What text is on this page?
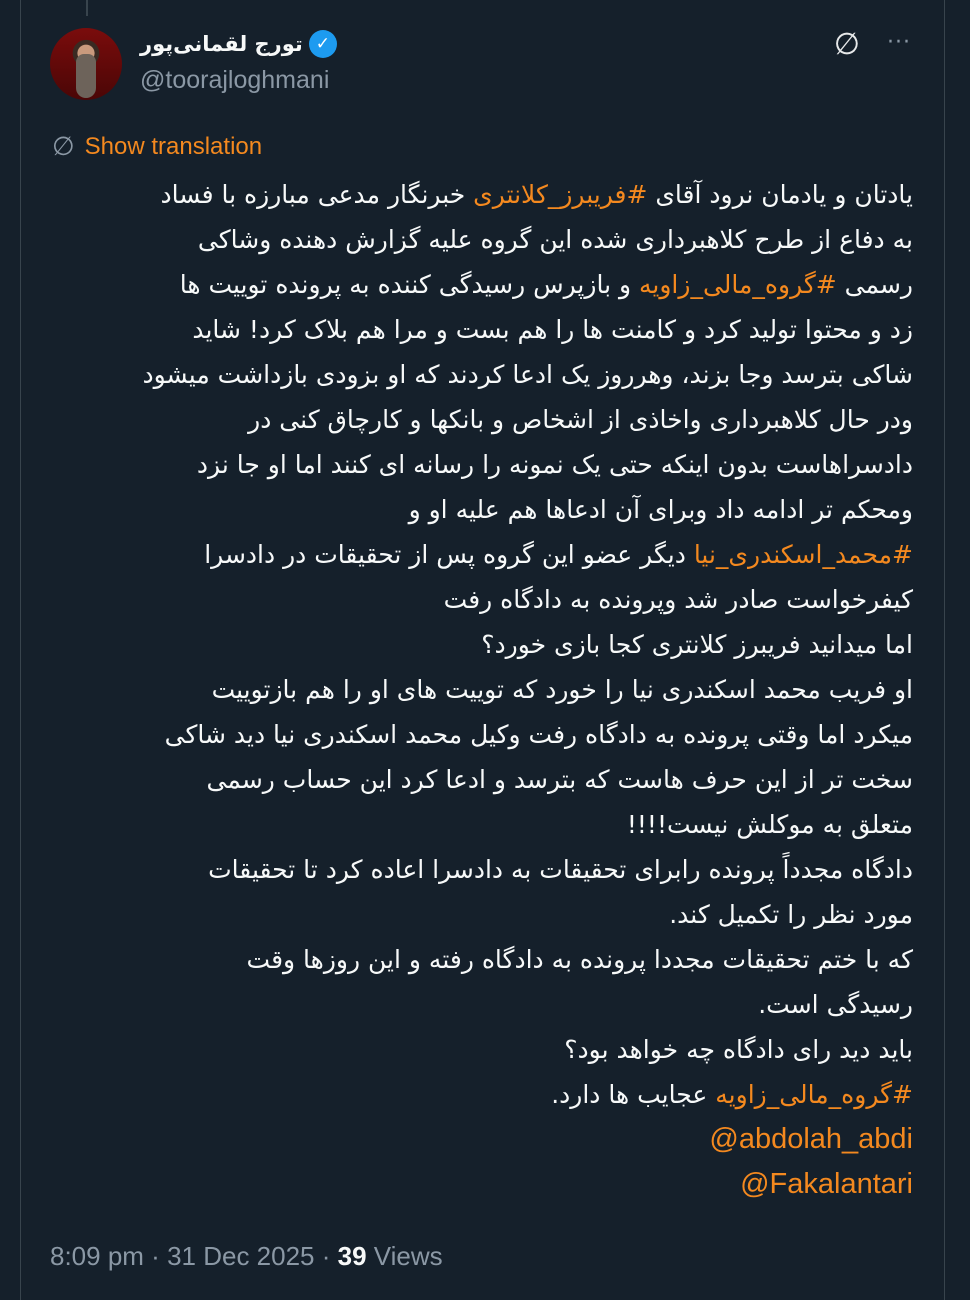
تورج لقمانی‌پور ✓
@toorajloghmani
∅ ···
∅ Show translation
یادتان و یادمان نرود آقای #فریبرز_کلانتری خبرنگار مدعی مبارزه با فساد
به دفاع از طرح کلاهبرداری شده این گروه علیه گزارش دهنده وشاکی
رسمی #گروه_مالی_زاویه و بازپرس رسیدگی کننده به پرونده توییت ها
زد و محتوا تولید کرد و کامنت ها را هم بست و مرا هم بلاک کرد! شاید
شاکی بترسد وجا بزند، وهرروز یک ادعا کردند که او بزودی بازداشت میشود
ودر حال کلاهبرداری واخاذی از اشخاص و بانکها و کارچاق کنی در
دادسراهاست بدون اینکه حتی یک نمونه را رسانه ای کنند اما او جا نزد
ومحکم تر ادامه داد وبرای آن ادعاها هم علیه او و
#محمد_اسکندری_نیا دیگر عضو این گروه پس از تحقیقات در دادسرا
کیفرخواست صادر شد وپرونده به دادگاه رفت
اما میدانید فریبرز کلانتری کجا بازی خورد؟
او فریب محمد اسکندری نیا را خورد که توییت های او را هم بازتوییت
میکرد اما وقتی پرونده به دادگاه رفت وکیل محمد اسکندری نیا دید شاکی
سخت تر از این حرف هاست که بترسد و ادعا کرد این حساب رسمی
متعلق به موکلش نیست!!!!
دادگاه مجدداً پرونده رابرای تحقیقات به دادسرا اعاده کرد تا تحقیقات
مورد نظر را تکمیل کند.
که با ختم تحقیقات مجددا پرونده به دادگاه رفته و این روزها وقت
رسیدگی است.
باید دید رای دادگاه چه خواهد بود؟
#گروه_مالی_زاویه عجایب ها دارد.
@abdolah_abdi
@Fakalantari
8:09 pm · 31 Dec 2025 · 39 Views
